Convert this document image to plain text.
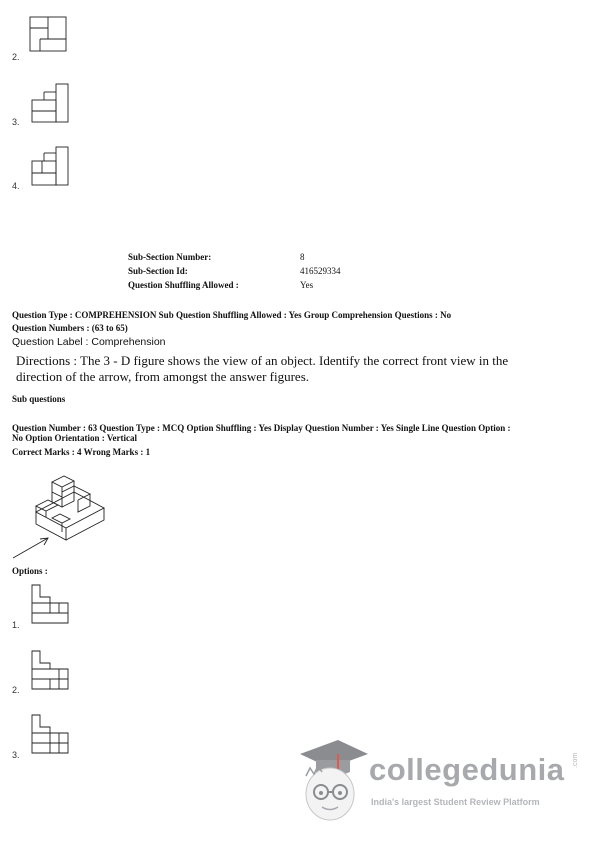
2.
3.
4.
Sub-Section Number:	8
Sub-Section Id:	416529334
Question Shuffling Allowed :	Yes
Question Type : COMPREHENSION Sub Question Shuffling Allowed : Yes Group Comprehension Questions : No
Question Numbers : (63 to 65)
Question Label : Comprehension
Directions : The 3 - D figure shows the view of an object. Identify the correct front view in the
direction of the arrow, from amongst the answer figures.
Sub questions
Question Number : 63 Question Type : MCQ Option Shuffling : Yes Display Question Number : Yes Single Line Question Option :
No Option Orientation : Vertical
Correct Marks : 4 Wrong Marks : 1
Options :
1.
2.
3.	collegedunia .com
India's largest Student Review Platform
